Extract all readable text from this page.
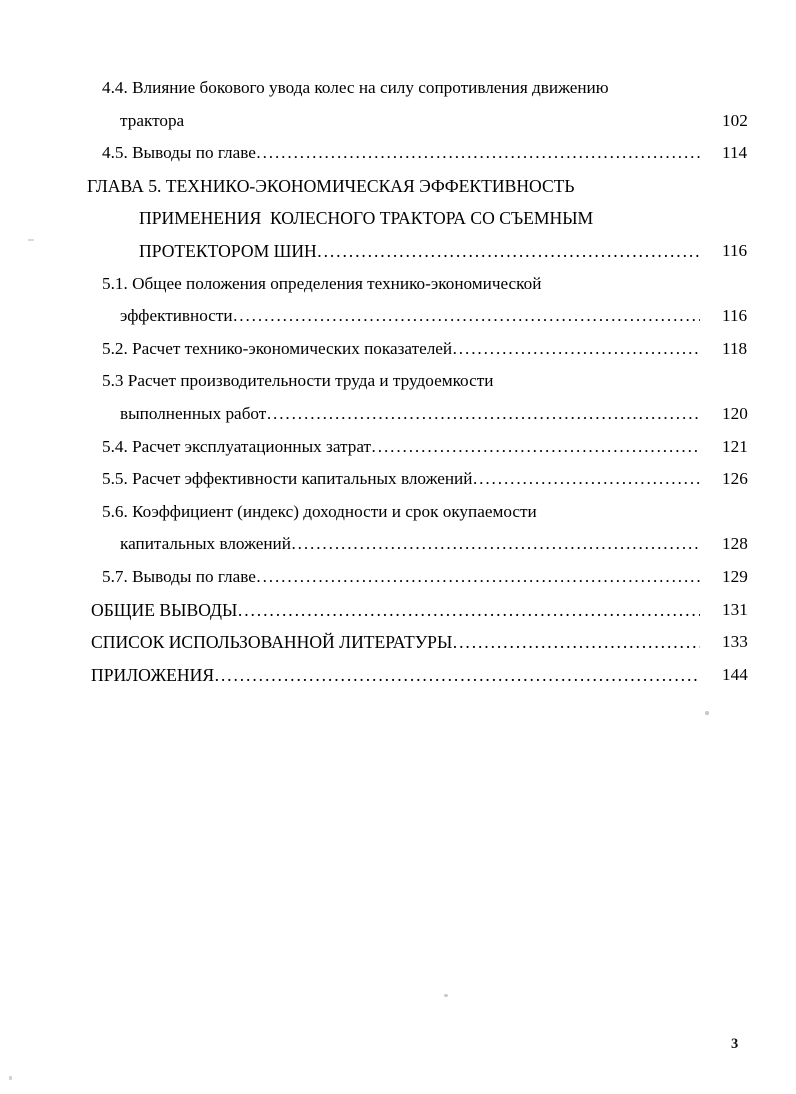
4.4. Влияние бокового увода колес на силу сопротивления движению
трактора	102
4.5. Выводы по главе .....	114
ГЛАВА 5. ТЕХНИКО-ЭКОНОМИЧЕСКАЯ ЭФФЕКТИВНОСТЬ
ПРИМЕНЕНИЯ  КОЛЕСНОГО ТРАКТОРА СО СЪЕМНЫМ
ПРОТЕКТОРОМ ШИН .....	116
5.1. Общее положения определения технико-экономической
эффективности .....	116
5.2. Расчет технико-экономических показателей .....	118
5.3 Расчет производительности труда и трудоемкости
выполненных работ .....	120
5.4. Расчет эксплуатационных затрат .....	121
5.5. Расчет эффективности капитальных вложений .....	126
5.6. Коэффициент (индекс) доходности и срок окупаемости
капитальных вложений .....	128
5.7. Выводы по главе .....	129
ОБЩИЕ ВЫВОДЫ .....	131
СПИСОК ИСПОЛЬЗОВАННОЙ ЛИТЕРАТУРЫ .....	133
ПРИЛОЖЕНИЯ .....	144
3
